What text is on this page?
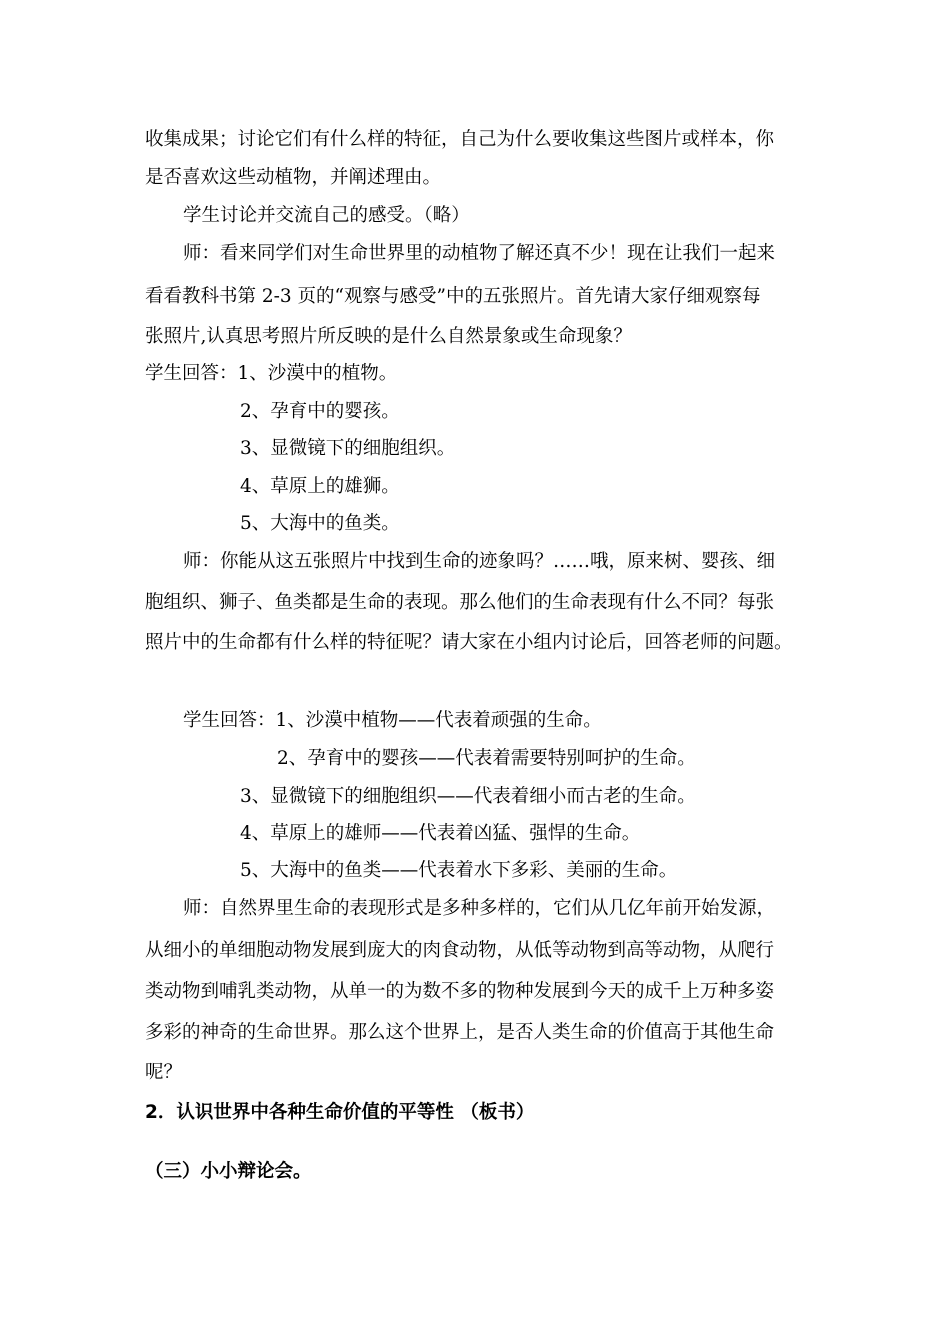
收集成果；讨论它们有什么样的特征，自己为什么要收集这些图片或样本，你
是否喜欢这些动植物，并阐述理由。
学生讨论并交流自己的感受。（略）
师：看来同学们对生命世界里的动植物了解还真不少！现在让我们一起来
看看教科书第 2-3 页的“观察与感受”中的五张照片。首先请大家仔细观察每
张照片,认真思考照片所反映的是什么自然景象或生命现象？
学生回答：1、沙漠中的植物。
2、孕育中的婴孩。
3、显微镜下的细胞组织。
4、草原上的雄狮。
5、大海中的鱼类。
师：你能从这五张照片中找到生命的迹象吗？……哦，原来树、婴孩、细
胞组织、狮子、鱼类都是生命的表现。那么他们的生命表现有什么不同？每张
照片中的生命都有什么样的特征呢？请大家在小组内讨论后，回答老师的问题。
学生回答：1、沙漠中植物——代表着顽强的生命。
2、孕育中的婴孩——代表着需要特别呵护的生命。
3、显微镜下的细胞组织——代表着细小而古老的生命。
4、草原上的雄师——代表着凶猛、强悍的生命。
5、大海中的鱼类——代表着水下多彩、美丽的生命。
师：自然界里生命的表现形式是多种多样的，它们从几亿年前开始发源，
从细小的单细胞动物发展到庞大的肉食动物，从低等动物到高等动物，从爬行
类动物到哺乳类动物，从单一的为数不多的物种发展到今天的成千上万种多姿
多彩的神奇的生命世界。那么这个世界上，是否人类生命的价值高于其他生命
呢？
2．认识世界中各种生命价值的平等性 （板书）
（三）小小辩论会。
